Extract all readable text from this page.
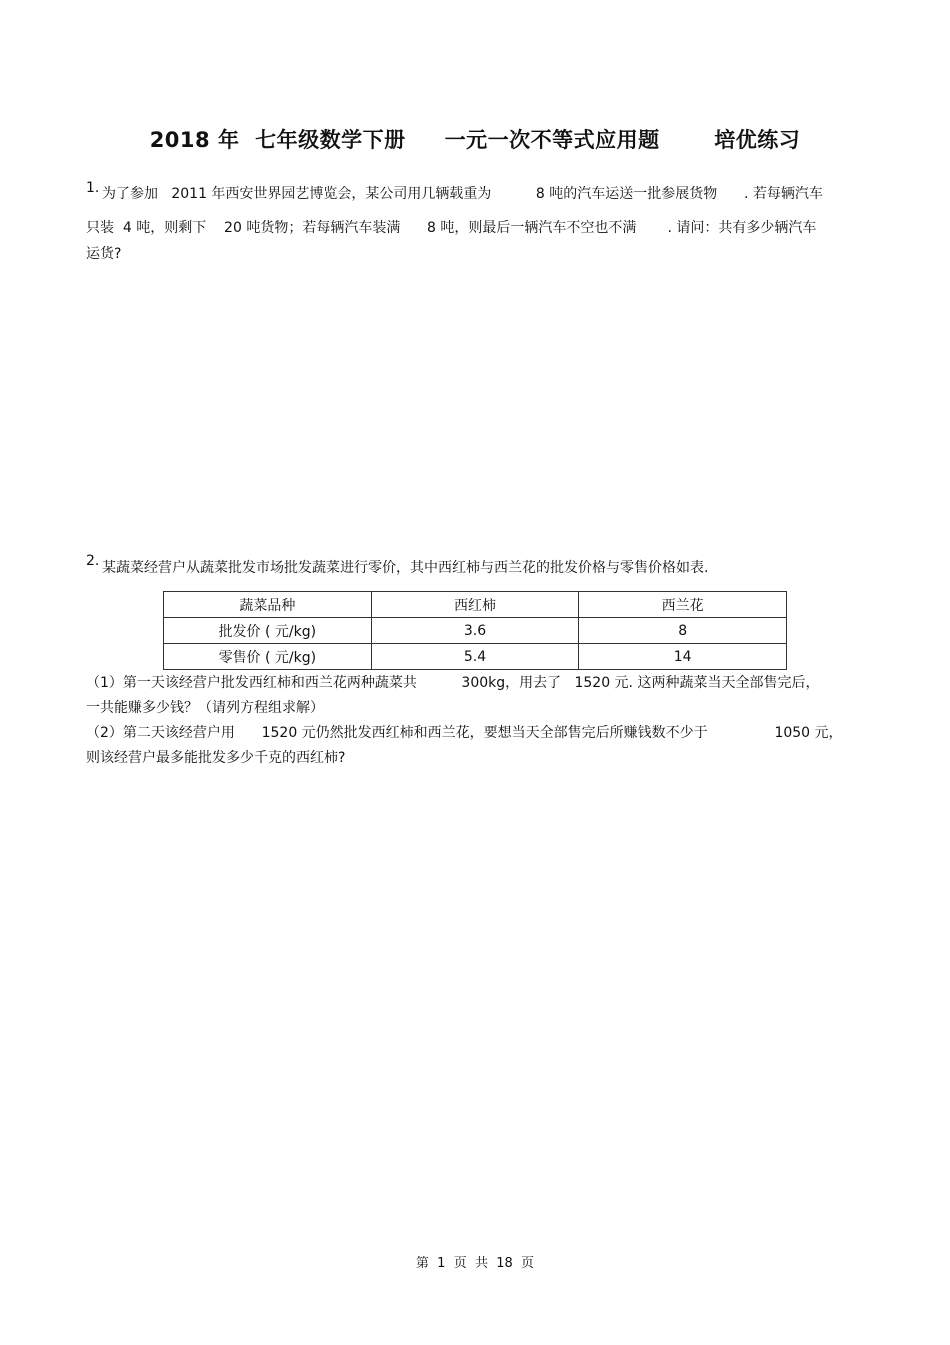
2018 年  七年级数学下册     一元一次不等式应用题       培优练习
1. 为了参加   2011 年西安世界园艺博览会，某公司用几辆载重为          8 吨的汽车运送一批参展货物      . 若每辆汽车
只装  4 吨，则剩下    20 吨货物；若每辆汽车装满      8 吨，则最后一辆汽车不空也不满       . 请问：共有多少辆汽车
运货?
2. 某蔬菜经营户从蔬菜批发市场批发蔬菜进行零价，其中西红柿与西兰花的批发价格与零售价格如表.
蔬菜品种	西红柿	西兰花
批发价 ( 元/kg)	3.6	8
零售价 ( 元/kg)	5.4	14
（1）第一天该经营户批发西红柿和西兰花两种蔬菜共          300kg，用去了   1520 元. 这两种蔬菜当天全部售完后，
一共能赚多少钱？（请列方程组求解）
（2）第二天该经营户用      1520 元仍然批发西红柿和西兰花，要想当天全部售完后所赚钱数不少于               1050 元，
则该经营户最多能批发多少千克的西红柿?
第  1  页  共  18  页
